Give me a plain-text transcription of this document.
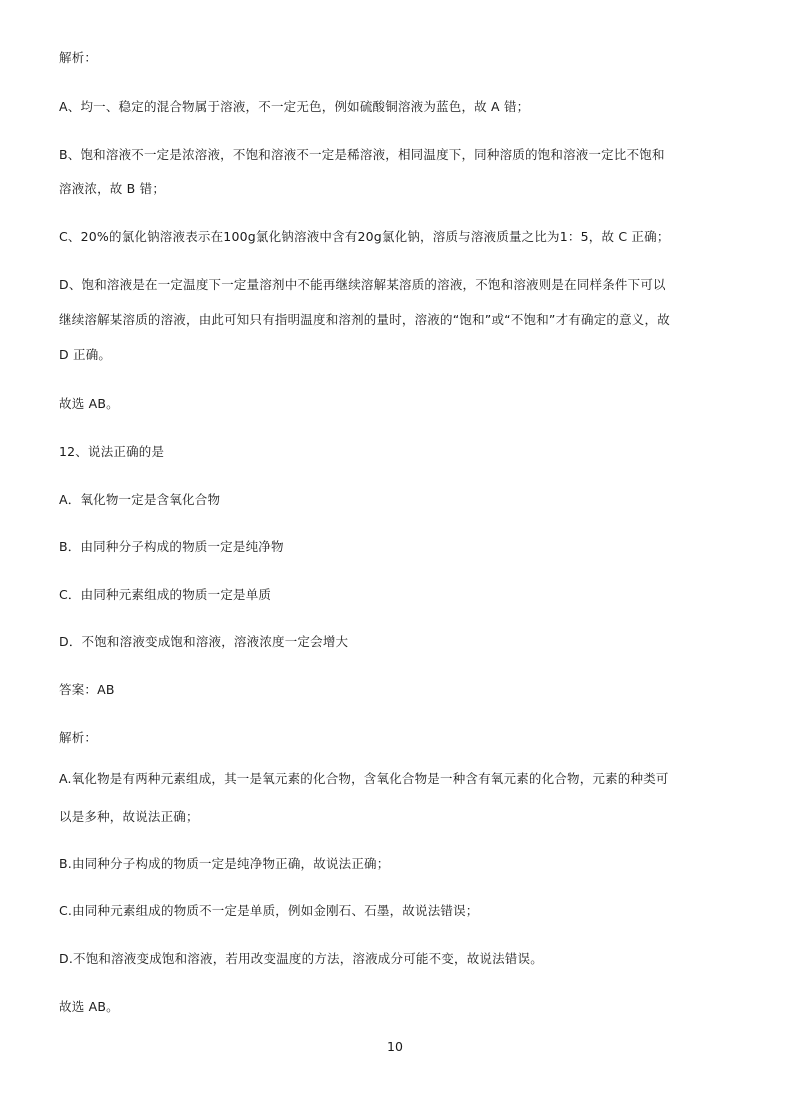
解析：
A、均一、稳定的混合物属于溶液，不一定无色，例如硫酸铜溶液为蓝色，故 A 错；
B、饱和溶液不一定是浓溶液，不饱和溶液不一定是稀溶液，相同温度下，同种溶质的饱和溶液一定比不饱和
溶液浓，故 B 错；
C、20%的氯化钠溶液表示在100g氯化钠溶液中含有20g氯化钠，溶质与溶液质量之比为1：5，故 C 正确；
D、饱和溶液是在一定温度下一定量溶剂中不能再继续溶解某溶质的溶液，不饱和溶液则是在同样条件下可以
继续溶解某溶质的溶液，由此可知只有指明温度和溶剂的量时，溶液的“饱和”或“不饱和”才有确定的意义，故
D 正确。
故选 AB。
12、说法正确的是
A．氧化物一定是含氧化合物
B．由同种分子构成的物质一定是纯净物
C．由同种元素组成的物质一定是单质
D．不饱和溶液变成饱和溶液，溶液浓度一定会增大
答案：AB
解析：
A.氧化物是有两种元素组成，其一是氧元素的化合物，含氧化合物是一种含有氧元素的化合物，元素的种类可
以是多种，故说法正确；
B.由同种分子构成的物质一定是纯净物正确，故说法正确；
C.由同种元素组成的物质不一定是单质，例如金刚石、石墨，故说法错误；
D.不饱和溶液变成饱和溶液，若用改变温度的方法，溶液成分可能不变，故说法错误。
故选 AB。
10
